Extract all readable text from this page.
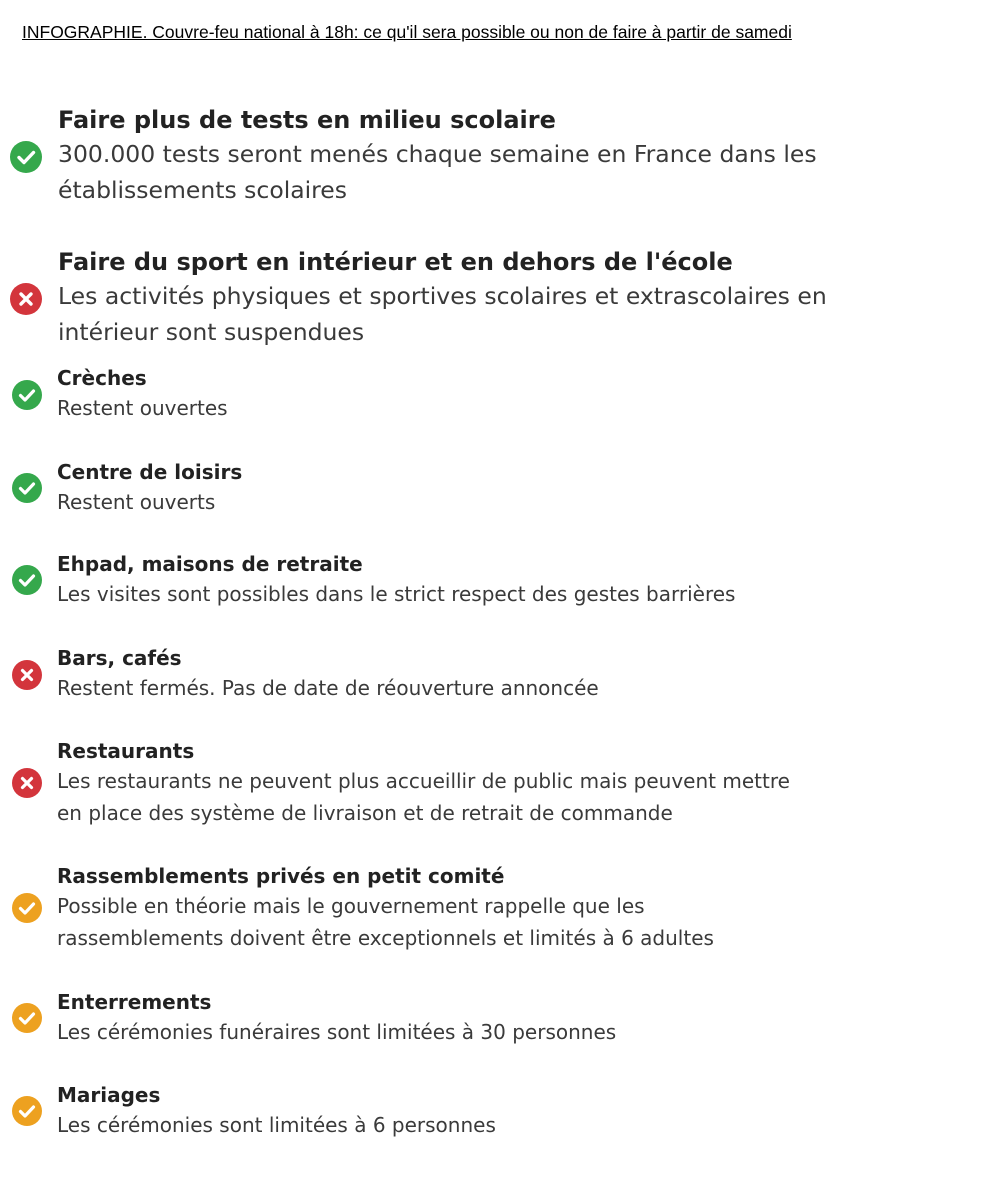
INFOGRAPHIE. Couvre-feu national à 18h: ce qu'il sera possible ou non de faire à partir de samedi
Faire plus de tests en milieu scolaire
300.000 tests seront menés chaque semaine en France dans les établissements scolaires
Faire du sport en intérieur et en dehors de l'école
Les activités physiques et sportives scolaires et extrascolaires en intérieur sont suspendues
Crèches
Restent ouvertes
Centre de loisirs
Restent ouverts
Ehpad, maisons de retraite
Les visites sont possibles dans le strict respect des gestes barrières
Bars, cafés
Restent fermés. Pas de date de réouverture annoncée
Restaurants
Les restaurants ne peuvent plus accueillir de public mais peuvent mettre en place des système de livraison et de retrait de commande
Rassemblements privés en petit comité
Possible en théorie mais le gouvernement rappelle que les rassemblements doivent être exceptionnels et limités à 6 adultes
Enterrements
Les cérémonies funéraires sont limitées à 30 personnes
Mariages
Les cérémonies sont limitées à 6 personnes
